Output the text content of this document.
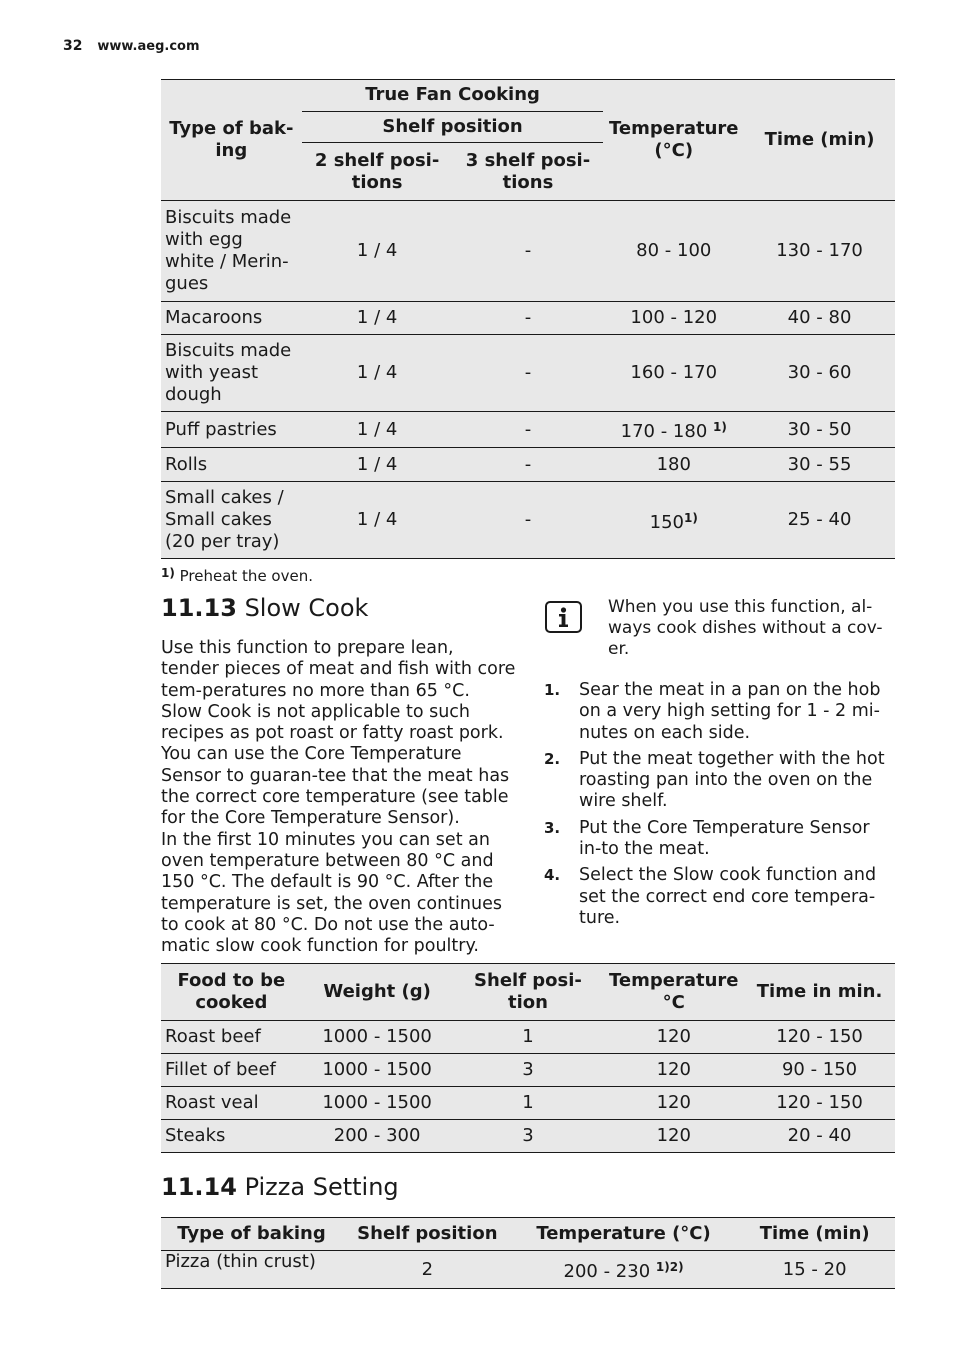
32 www.aeg.com
Type of bak-ing	True Fan Cooking		Temperature (°C)	Time (min)
	Shelf position			
	2 shelf posi-tions	3 shelf posi-tions		
Biscuits made with egg white / Merin-gues	1 / 4	-	80 - 100	130 - 170
Macaroons	1 / 4	-	100 - 120	40 - 80
Biscuits made with yeast dough	1 / 4	-	160 - 170	30 - 60
Puff pastries	1 / 4	-	170 - 180 $^{1)}$	30 - 50
Rolls	1 / 4	-	180	30 - 55
Small cakes / Small cakes (20 per tray)	1 / 4	-	150$^{1)}$	25 - 40
$^{1)}$ Preheat the oven.
11.13 Slow Cook
Use this function to prepare lean, tender pieces of meat and fish with core tem-peratures no more than 65 °C. Slow Cook is not applicable to such recipes as pot roast or fatty roast pork. You can use the Core Temperature Sensor to guaran-tee that the meat has the correct core temperature (see table for the Core Temperature Sensor).
In the first 10 minutes you can set an oven temperature between 80 °C and 150 °C. The default is 90 °C. After the temperature is set, the oven continues to cook at 80 °C. Do not use the auto-matic slow cook function for poultry.
When you use this function, al-ways cook dishes without a cov-er.
1. Sear the meat in a pan on the hob on a very high setting for 1 - 2 mi-nutes on each side.
2. Put the meat together with the hot roasting pan into the oven on the wire shelf.
3. Put the Core Temperature Sensor in-to the meat.
4. Select the Slow cook function and set the correct end core tempera-ture.
Food to be cooked	Weight (g)	Shelf posi-tion	Temperature °C	Time in min.
Roast beef	1000 - 1500	1	120	120 - 150
Fillet of beef	1000 - 1500	3	120	90 - 150
Roast veal	1000 - 1500	1	120	120 - 150
Steaks	200 - 300	3	120	20 - 40
11.14 Pizza Setting
Type of baking	Shelf position	Temperature (°C)	Time (min)
Pizza (thin crust)	2	200 - 230 $^{1)2)}$	15 - 20
